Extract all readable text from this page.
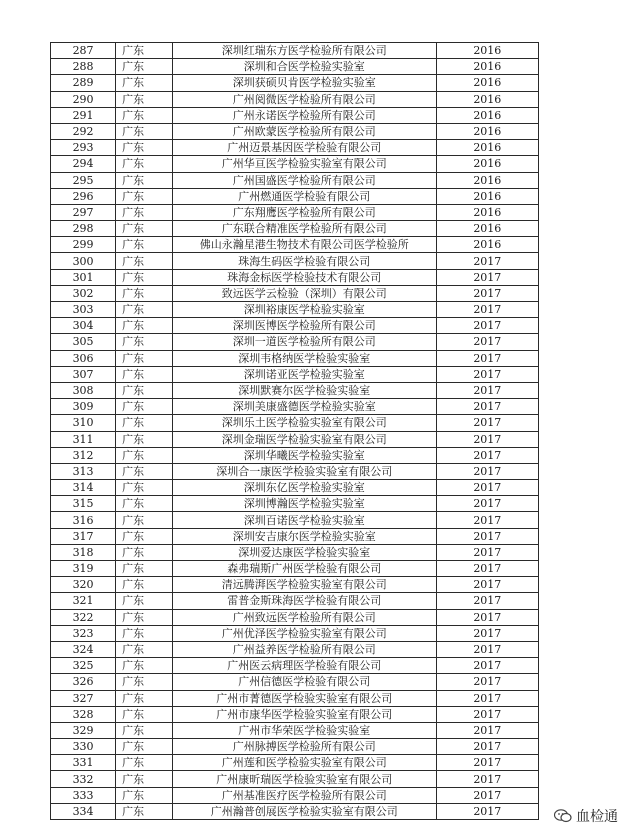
287	广东	深圳红瑞东方医学检验所有限公司	2016
288	广东	深圳和合医学检验实验室	2016
289	广东	深圳获硕贝肯医学检验实验室	2016
290	广东	广州阅微医学检验所有限公司	2016
291	广东	广州永诺医学检验所有限公司	2016
292	广东	广州欧蒙医学检验所有限公司	2016
293	广东	广州迈景基因医学检验有限公司	2016
294	广东	广州华亘医学检验实验室有限公司	2016
295	广东	广州国盛医学检验所有限公司	2016
296	广东	广州燃通医学检验有限公司	2016
297	广东	广东翔鹰医学检验所有限公司	2016
298	广东	广东联合精准医学检验所有限公司	2016
299	广东	佛山永瀚星港生物技术有限公司医学检验所	2016
300	广东	珠海生码医学检验有限公司	2017
301	广东	珠海金标医学检验技术有限公司	2017
302	广东	致远医学云检验（深圳）有限公司	2017
303	广东	深圳裕康医学检验实验室	2017
304	广东	深圳医博医学检验所有限公司	2017
305	广东	深圳一道医学检验所有限公司	2017
306	广东	深圳韦格纳医学检验实验室	2017
307	广东	深圳诺亚医学检验实验室	2017
308	广东	深圳默赛尔医学检验实验室	2017
309	广东	深圳美康盛德医学检验实验室	2017
310	广东	深圳乐土医学检验实验室有限公司	2017
311	广东	深圳金瑞医学检验实验室有限公司	2017
312	广东	深圳华曦医学检验实验室	2017
313	广东	深圳合一康医学检验实验室有限公司	2017
314	广东	深圳东亿医学检验实验室	2017
315	广东	深圳博瀚医学检验实验室	2017
316	广东	深圳百诺医学检验实验室	2017
317	广东	深圳安吉康尔医学检验实验室	2017
318	广东	深圳爱达康医学检验实验室	2017
319	广东	森弗瑞斯广州医学检验有限公司	2017
320	广东	清远腾湃医学检验实验室有限公司	2017
321	广东	雷普金斯珠海医学检验有限公司	2017
322	广东	广州致远医学检验所有限公司	2017
323	广东	广州优泽医学检验实验室有限公司	2017
324	广东	广州益养医学检验所有限公司	2017
325	广东	广州医云病理医学检验有限公司	2017
326	广东	广州信德医学检验有限公司	2017
327	广东	广州市菁德医学检验实验室有限公司	2017
328	广东	广州市康华医学检验实验室有限公司	2017
329	广东	广州市华荣医学检验实验室	2017
330	广东	广州脉搏医学检验所有限公司	2017
331	广东	广州莲和医学检验实验室有限公司	2017
332	广东	广州康昕瑞医学检验实验室有限公司	2017
333	广东	广州基准医疗医学检验所有限公司	2017
334	广东	广州瀚普创展医学检验实验室有限公司	2017	血检通
